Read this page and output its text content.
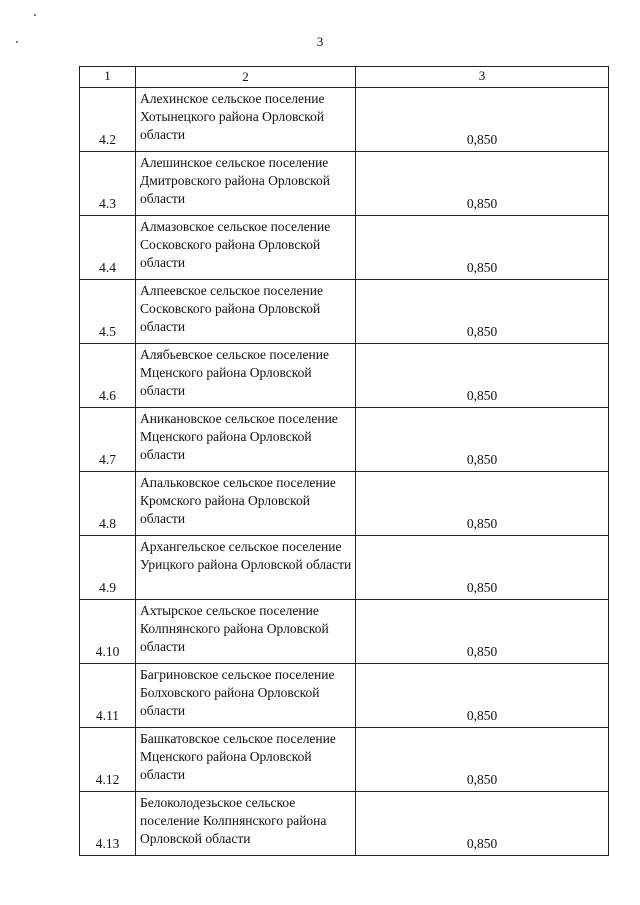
3
1	2	3
4.2	Алехинское сельское поселение Хотынецкого района Орловской области	0,850
4.3	Алешинское сельское поселение Дмитровского района Орловской области	0,850
4.4	Алмазовское сельское поселение Сосковского района Орловской области	0,850
4.5	Алпеевское сельское поселение Сосковского района Орловской области	0,850
4.6	Алябьевское сельское поселение Мценского района Орловской области	0,850
4.7	Аникановское сельское поселение Мценского района Орловской области	0,850
4.8	Апальковское сельское поселение Кромского района Орловской области	0,850
4.9	Архангельское сельское поселение Урицкого района Орловской области	0,850
4.10	Ахтырское сельское поселение Колпнянского района Орловской области	0,850
4.11	Багриновское сельское поселение Болховского района Орловской области	0,850
4.12	Башкатовское сельское поселение Мценского района Орловской области	0,850
4.13	Белоколодезьское сельское поселение Колпнянского района Орловской области	0,850
